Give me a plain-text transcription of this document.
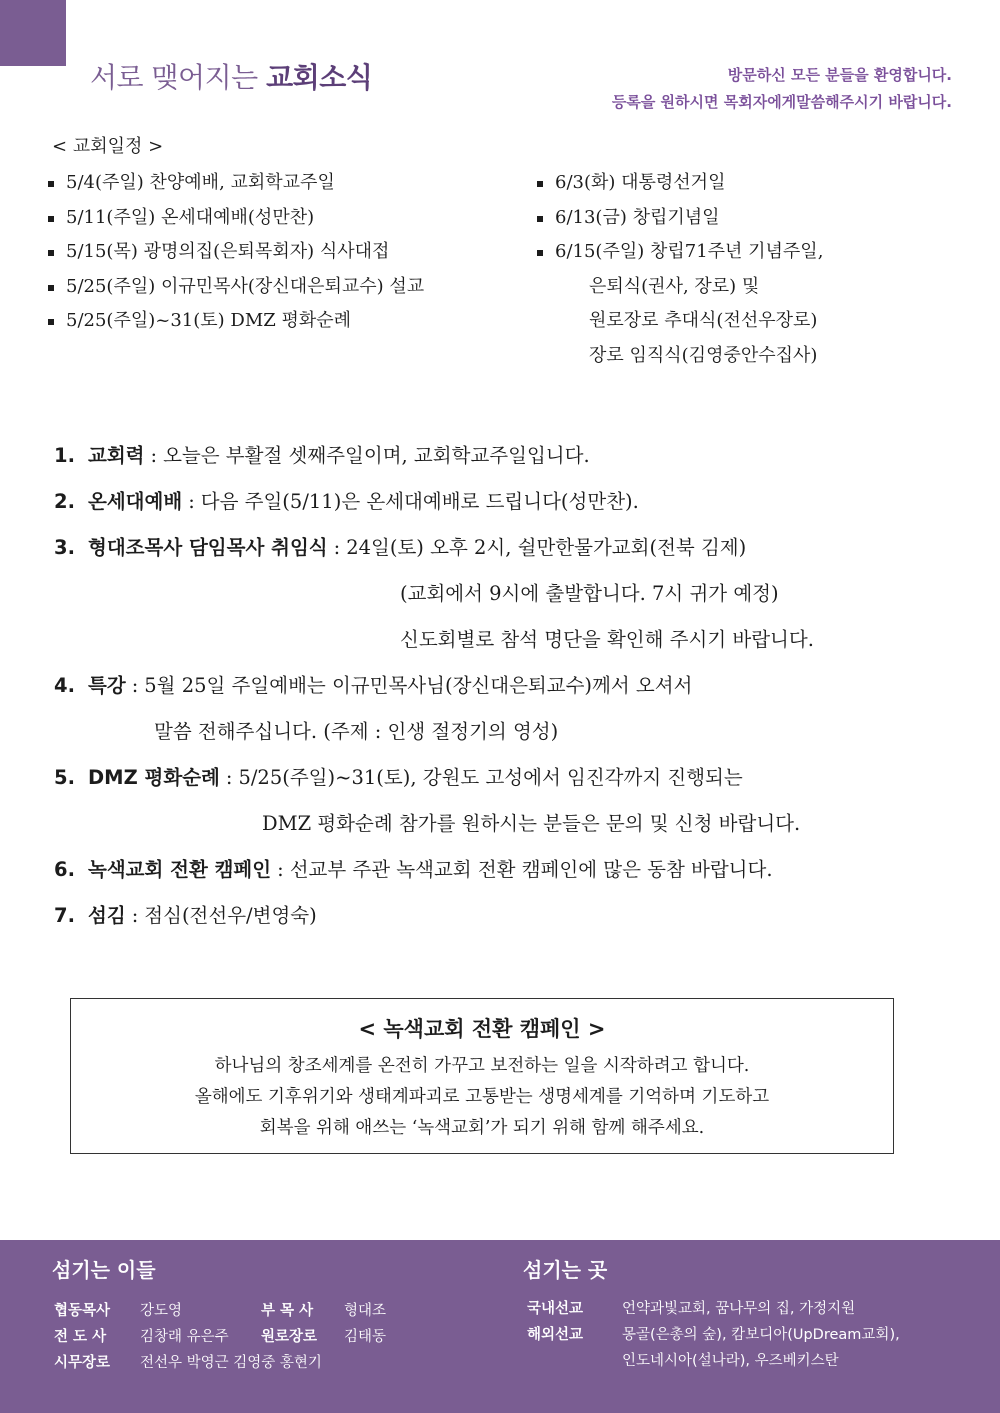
서로 맺어지는 교회소식	방문하신 모든 분들을 환영합니다.
등록을 원하시면 목회자에게말씀해주시기 바랍니다.
< 교회일정 >
5/4(주일) 찬양예배, 교회학교주일
5/11(주일) 온세대예배(성만찬)
5/15(목) 광명의집(은퇴목회자) 식사대접
5/25(주일) 이규민목사(장신대은퇴교수) 설교
5/25(주일)~31(토) DMZ 평화순례
6/3(화) 대통령선거일
6/13(금) 창립기념일
6/15(주일) 창립71주년 기념주일,
은퇴식(권사, 장로) 및
원로장로 추대식(전선우장로)
장로 임직식(김영중안수집사)
1. 교회력 : 오늘은 부활절 셋째주일이며, 교회학교주일입니다.
2. 온세대예배 : 다음 주일(5/11)은 온세대예배로 드립니다(성만찬).
3. 형대조목사 담임목사 취임식 : 24일(토) 오후 2시, 쉴만한물가교회(전북 김제)
(교회에서 9시에 출발합니다. 7시 귀가 예정)
신도회별로 참석 명단을 확인해 주시기 바랍니다.
4. 특강 : 5월 25일 주일예배는 이규민목사님(장신대은퇴교수)께서 오셔서
말씀 전해주십니다. (주제 : 인생 절정기의 영성)
5. DMZ 평화순례 : 5/25(주일)~31(토), 강원도 고성에서 임진각까지 진행되는
DMZ 평화순례 참가를 원하시는 분들은 문의 및 신청 바랍니다.
6. 녹색교회 전환 캠페인 : 선교부 주관 녹색교회 전환 캠페인에 많은 동참 바랍니다.
7. 섬김 : 점심(전선우/변영숙)
< 녹색교회 전환 캠페인 >
하나님의 창조세계를 온전히 가꾸고 보전하는 일을 시작하려고 합니다.
올해에도 기후위기와 생태계파괴로 고통받는 생명세계를 기억하며 기도하고
회복을 위해 애쓰는 ‘녹색교회’가 되기 위해 함께 해주세요.
섬기는 이들	섬기는 곳
협동목사 강도영	부 목 사 형대조
전 도 사 김창래 유은주 원로장로 김태동
시무장로 전선우 박영근 김영중 홍현기
국내선교	언약과빛교회, 꿈나무의 집, 가정지원
해외선교	몽골(은총의 숲), 캄보디아(UpDream교회),
인도네시아(설나라), 우즈베키스탄
